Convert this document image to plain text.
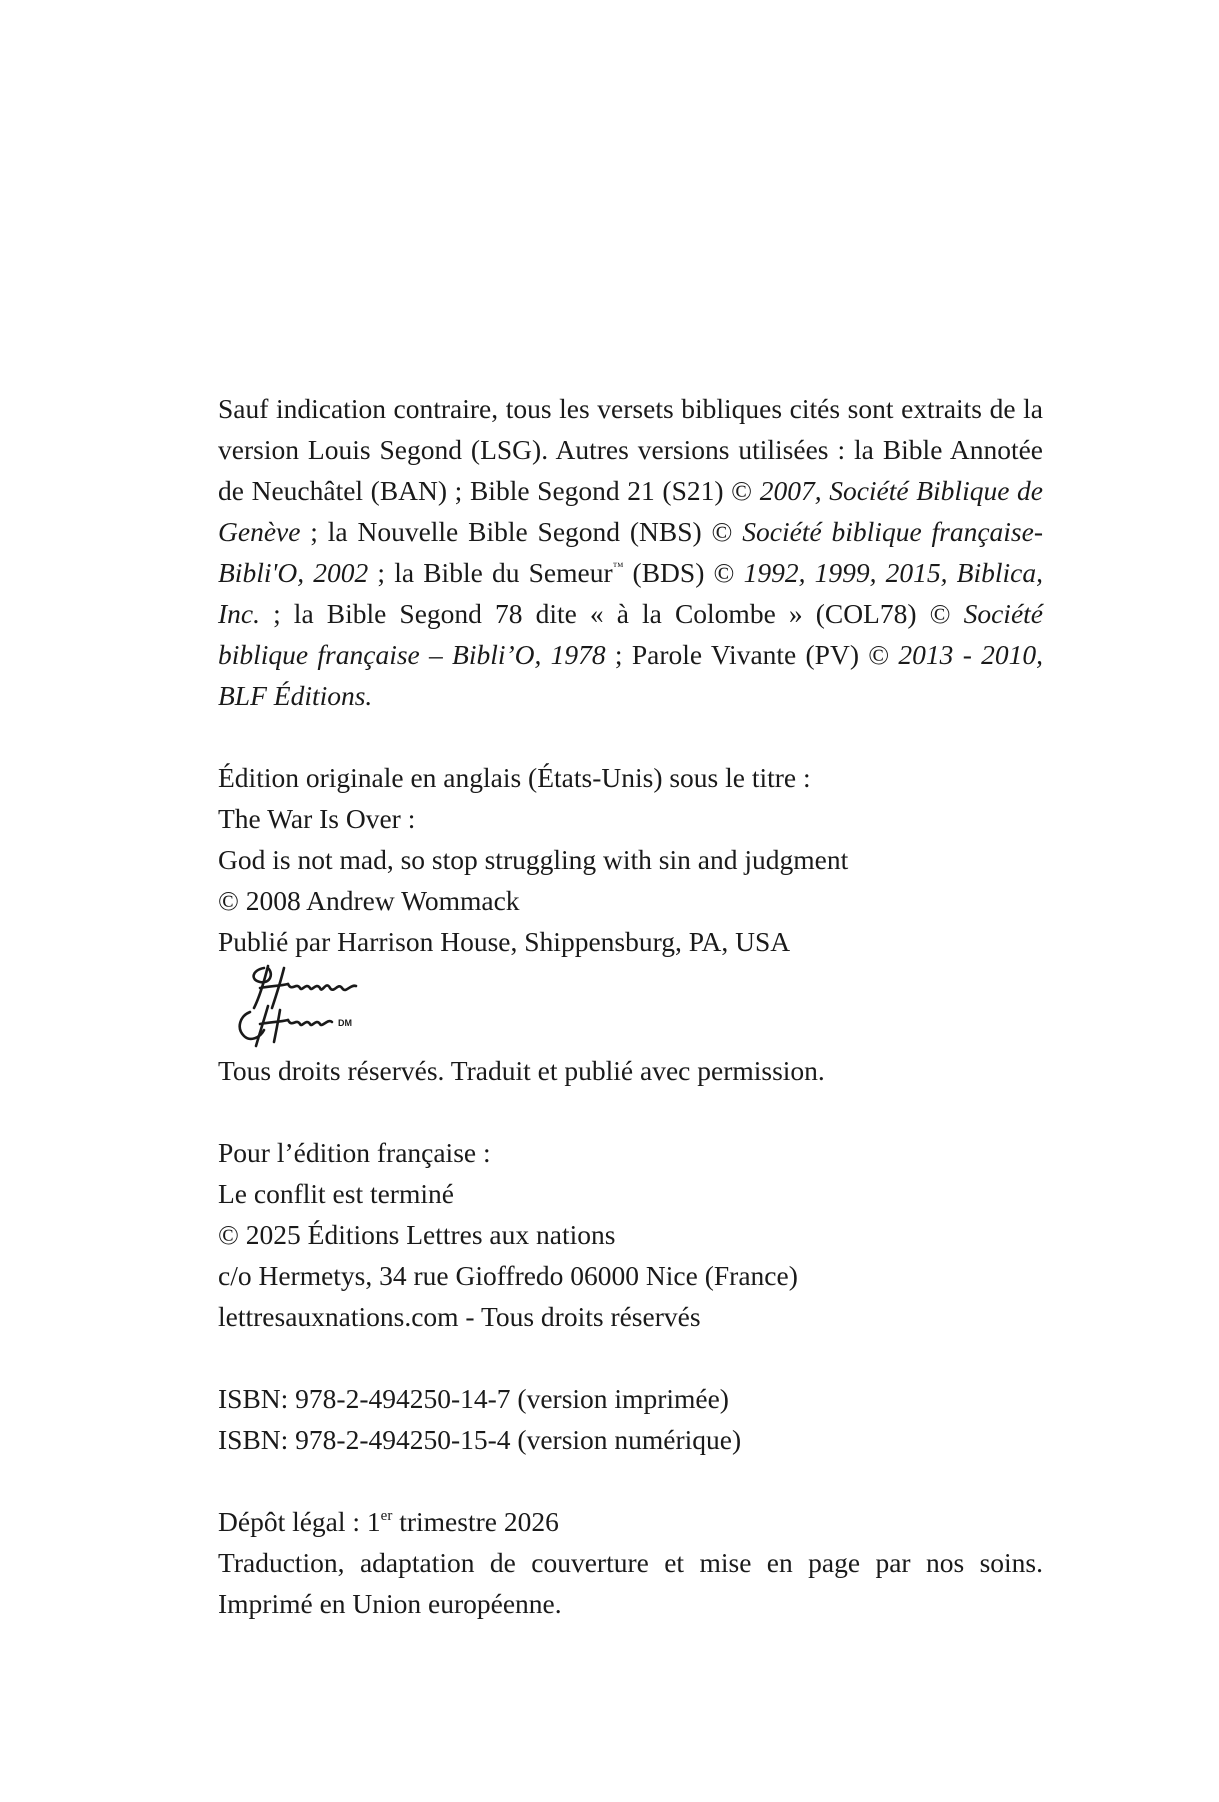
Sauf indication contraire, tous les versets bibliques cités sont extraits de la version Louis Segond (LSG). Autres versions utilisées : la Bible Annotée de Neuchâtel (BAN) ; Bible Segond 21 (S21) © 2007, Société Biblique de Genève ; la Nouvelle Bible Segond (NBS) © Société biblique française-Bibli'O, 2002 ; la Bible du Semeur™ (BDS) © 1992, 1999, 2015, Biblica, Inc. ; la Bible Segond 78 dite « à la Colombe » (COL78) © Société biblique française – Bibli’O, 1978 ; Parole Vivante (PV) © 2013 - 2010, BLF Éditions.

Édition originale en anglais (États-Unis) sous le titre :
The War Is Over :
God is not mad, so stop struggling with sin and judgment
© 2008 Andrew Wommack
Publié par Harrison House, Shippensburg, PA, USA
DM
Tous droits réservés. Traduit et publié avec permission.
Pour l’édition française :
Le conflit est terminé
© 2025 Éditions Lettres aux nations
c/o Hermetys, 34 rue Gioffredo 06000 Nice (France)
lettresauxnations.com - Tous droits réservés
ISBN: 978-2-494250-14-7 (version imprimée)
ISBN: 978-2-494250-15-4 (version numérique)
Dépôt légal : 1er trimestre 2026

Traduction, adaptation de couverture et mise en page par nos soins. Imprimé en Union européenne.
